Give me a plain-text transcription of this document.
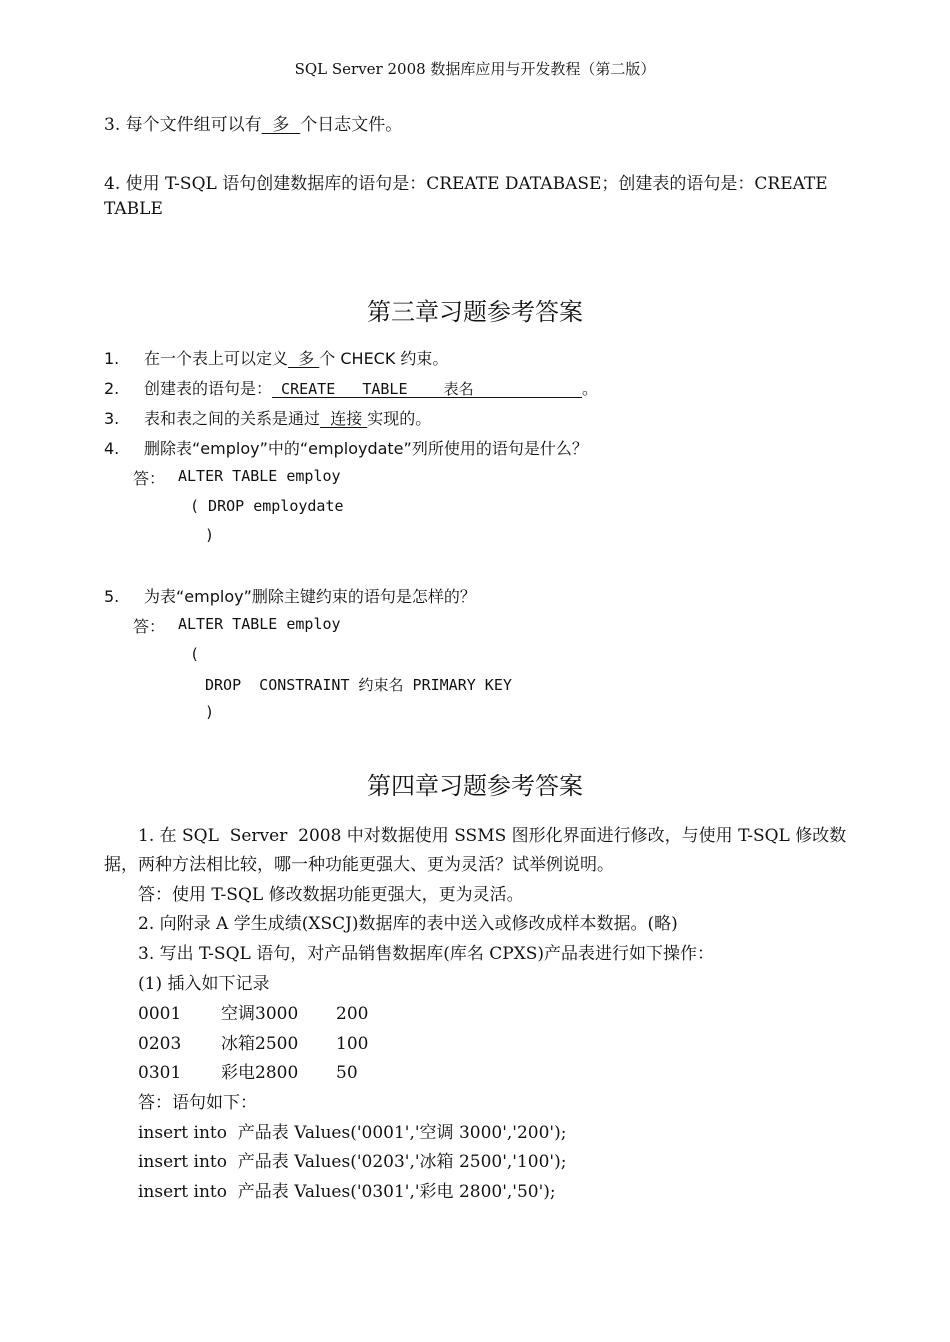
SQL Server 2008 数据库应用与开发教程（第二版）
3. 每个文件组可以有  多  个日志文件。
4. 使用 T-SQL 语句创建数据库的语句是：CREATE DATABASE；创建表的语句是：CREATE
TABLE
第三章习题参考答案
1. 在一个表上可以定义  多 个 CHECK 约束。
2. 创建表的语句是： CREATE   TABLE    表名            。
3. 表和表之间的关系是通过  连接 实现的。
4. 删除表“employ”中的“employdate”列所使用的语句是什么？
答： ALTER TABLE employ
( DROP employdate
)
5. 为表“employ”删除主键约束的语句是怎样的？
答： ALTER TABLE employ
(
DROP  CONSTRAINT 约束名 PRIMARY KEY
)
第四章习题参考答案
1. 在 SQL  Server  2008 中对数据使用 SSMS 图形化界面进行修改，与使用 T-SQL 修改数
据，两种方法相比较，哪一种功能更强大、更为灵活？试举例说明。
答：使用 T-SQL 修改数据功能更强大，更为灵活。
2. 向附录 A 学生成绩(XSCJ)数据库的表中送入或修改成样本数据。(略)
3. 写出 T-SQL 语句，对产品销售数据库(库名 CPXS)产品表进行如下操作：
(1) 插入如下记录
0001 空调3000 200
0203 冰箱2500 100
0301 彩电2800 50
答：语句如下：
insert into  产品表 Values('0001','空调 3000','200');
insert into  产品表 Values('0203','冰箱 2500','100');
insert into  产品表 Values('0301','彩电 2800','50');
